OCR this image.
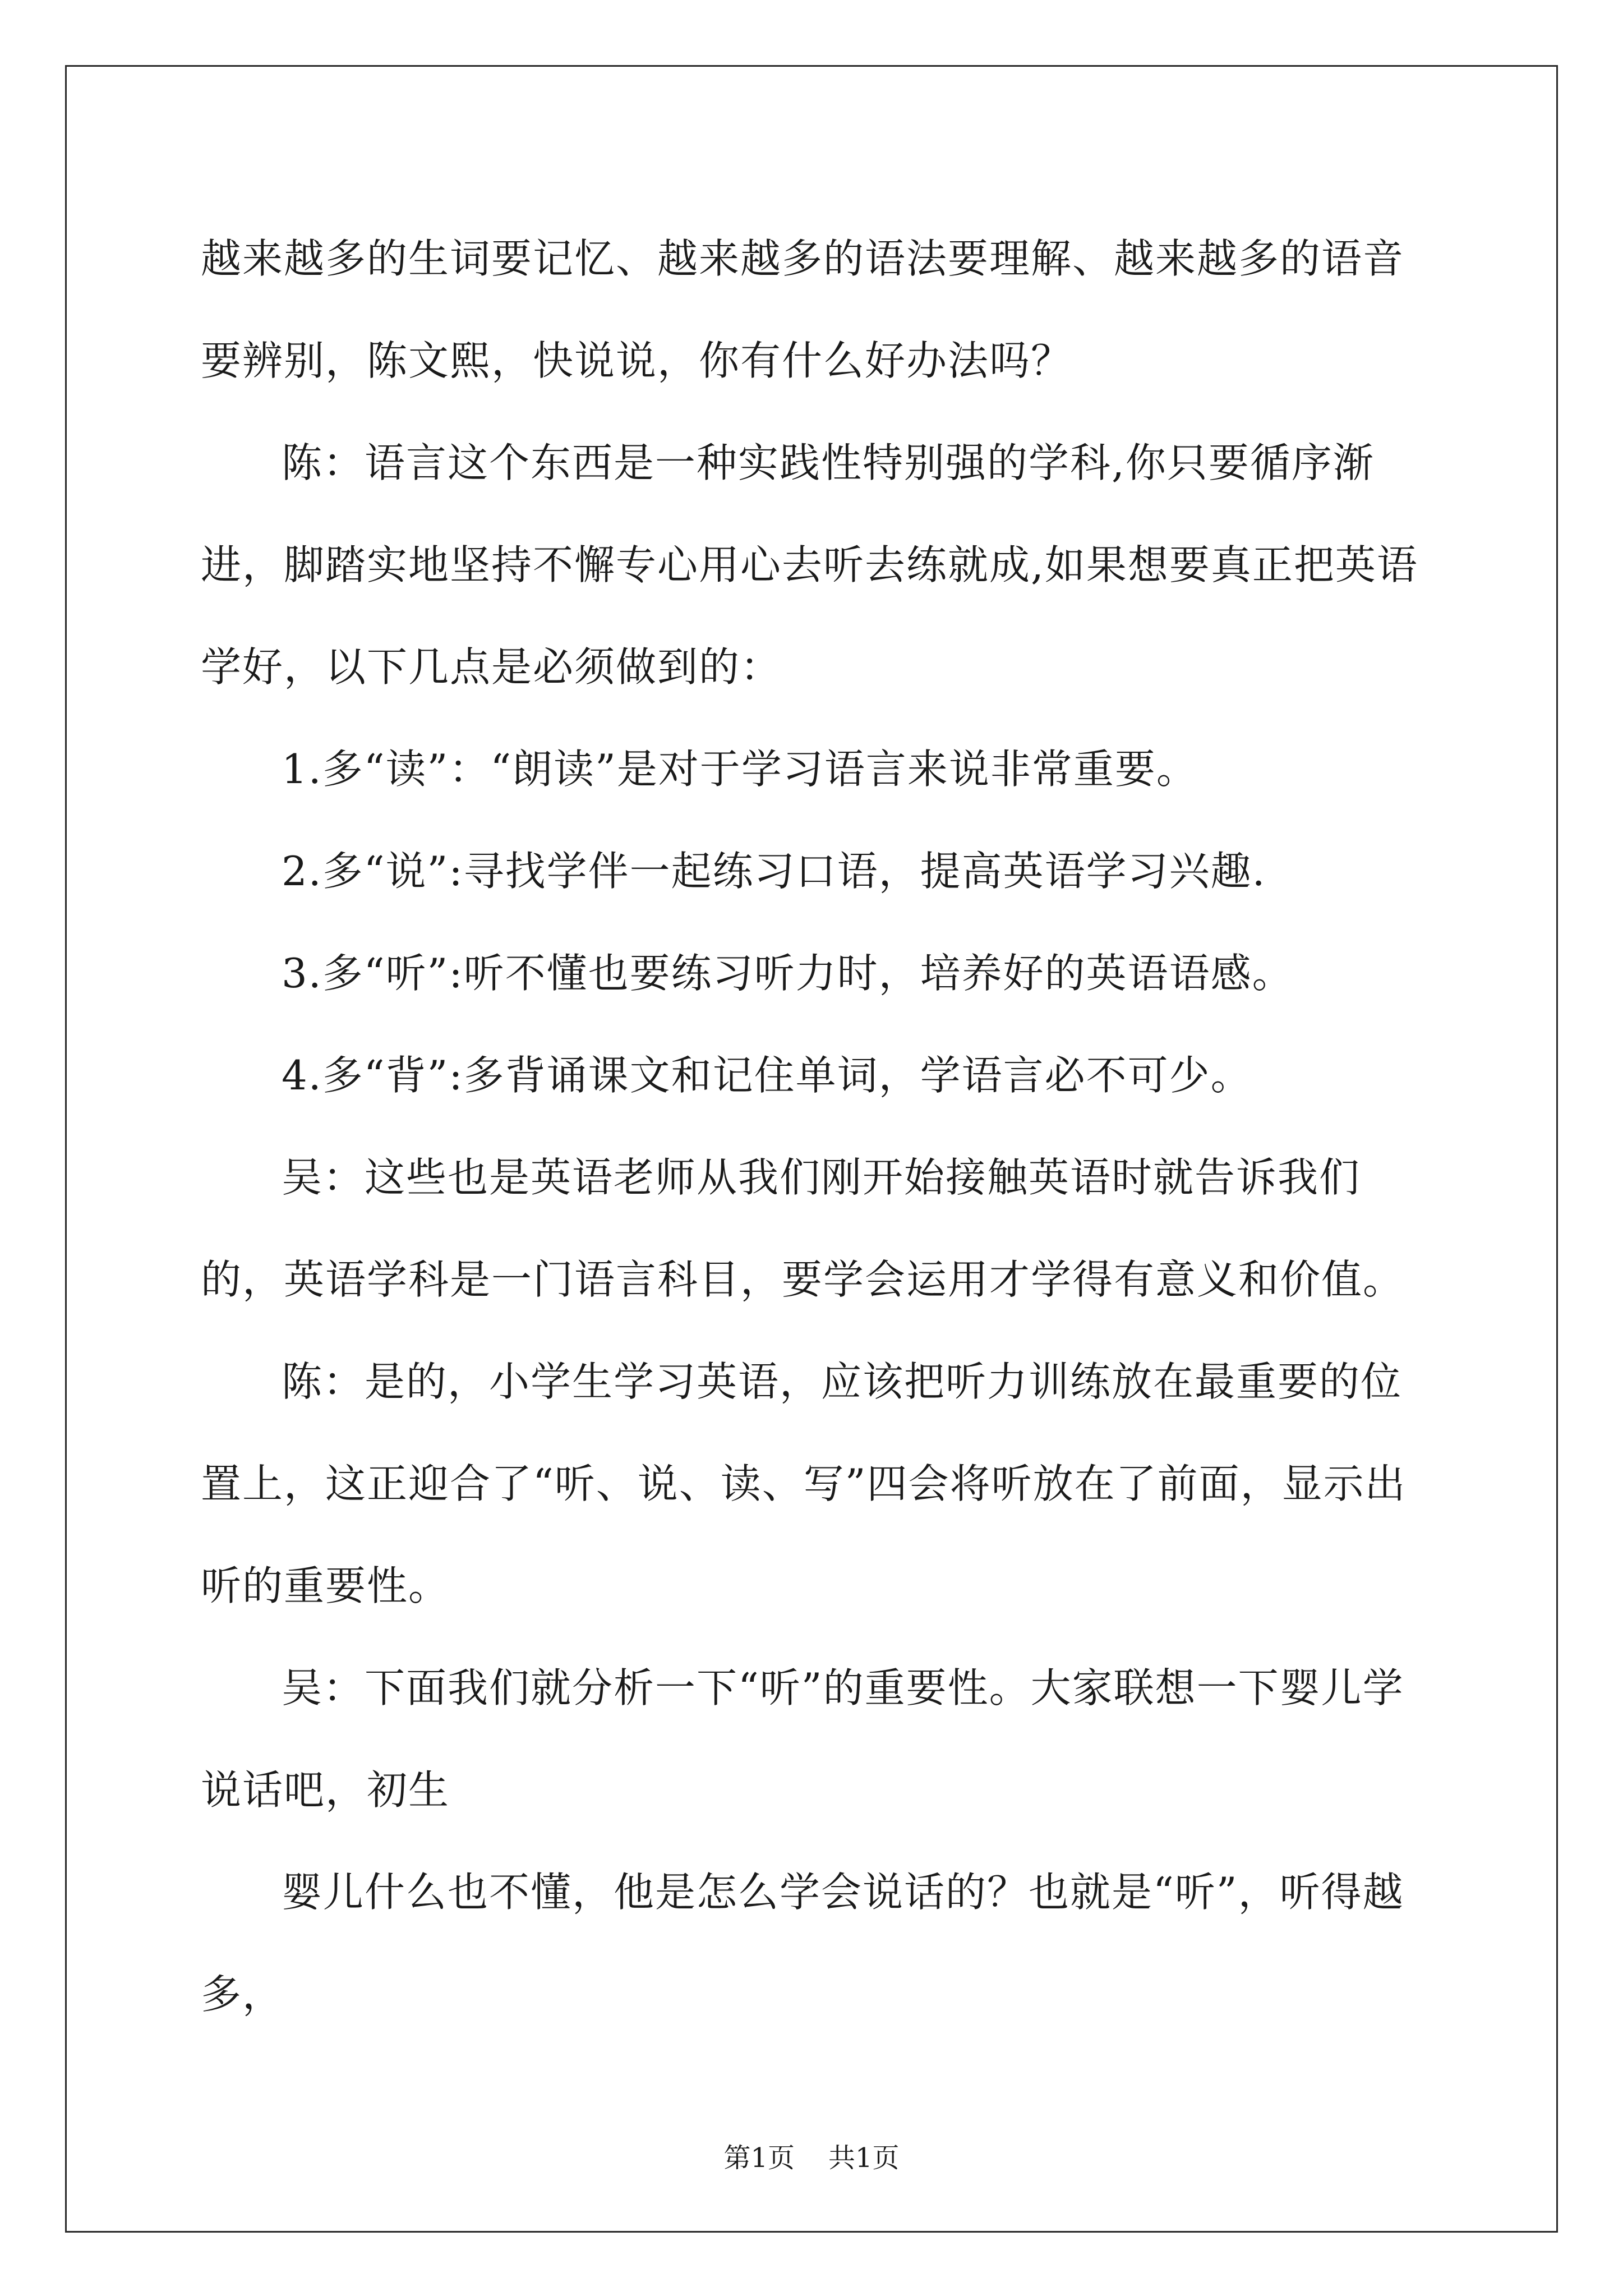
越来越多的生词要记忆、越来越多的语法要理解、越来越多的语音要辨别，陈文熙，快说说，你有什么好办法吗？

陈：语言这个东西是一种实践性特别强的学科,你只要循序渐进，脚踏实地坚持不懈专心用心去听去练就成,如果想要真正把英语学好，以下几点是必须做到的：

1.多“读”：“朗读”是对于学习语言来说非常重要。

2.多“说”:寻找学伴一起练习口语，提高英语学习兴趣.

3.多“听”:听不懂也要练习听力时，培养好的英语语感。

4.多“背”:多背诵课文和记住单词，学语言必不可少。

吴：这些也是英语老师从我们刚开始接触英语时就告诉我们的，英语学科是一门语言科目，要学会运用才学得有意义和价值。

陈：是的，小学生学习英语，应该把听力训练放在最重要的位置上，这正迎合了“听、说、读、写”四会将听放在了前面，显示出听的重要性。

吴：下面我们就分析一下“听”的重要性。大家联想一下婴儿学说话吧，初生

婴儿什么也不懂，他是怎么学会说话的？也就是“听”，听得越多，

第1页 共1页
